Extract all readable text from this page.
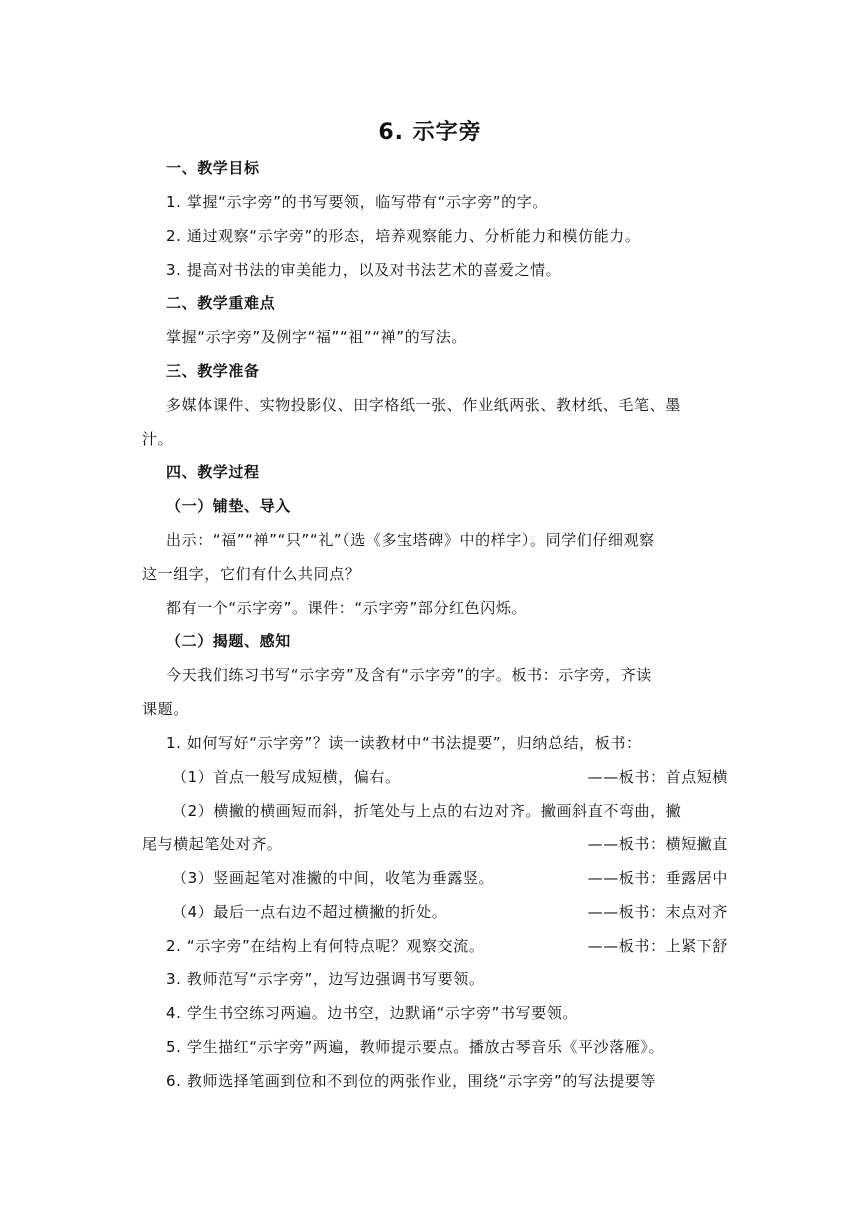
6. 示字旁
一、教学目标
1. 掌握“示字旁”的书写要领，临写带有“示字旁”的字。
2. 通过观察“示字旁”的形态，培养观察能力、分析能力和模仿能力。
3. 提高对书法的审美能力，以及对书法艺术的喜爱之情。
二、教学重难点
掌握“示字旁”及例字“福”“祖”“禅”的写法。
三、教学准备
多媒体课件、实物投影仪、田字格纸一张、作业纸两张、教材纸、毛笔、墨
汁。
四、教学过程
（一）铺垫、导入
出示：“福”“禅”“只”“礼”（选《多宝塔碑》中的样字）。同学们仔细观察
这一组字，它们有什么共同点？
都有一个“示字旁”。课件：“示字旁”部分红色闪烁。
（二）揭题、感知
今天我们练习书写“示字旁”及含有“示字旁”的字。板书：示字旁，齐读
课题。
1. 如何写好“示字旁”？读一读教材中“书法提要”，归纳总结，板书：
（1）首点一般写成短横，偏右。	——板书：首点短横
（2）横撇的横画短而斜，折笔处与上点的右边对齐。撇画斜直不弯曲，撇
尾与横起笔处对齐。	——板书：横短撇直
（3）竖画起笔对准撇的中间，收笔为垂露竖。	——板书：垂露居中
（4）最后一点右边不超过横撇的折处。	——板书：末点对齐
2. “示字旁”在结构上有何特点呢？观察交流。	——板书：上紧下舒
3. 教师范写“示字旁”，边写边强调书写要领。
4. 学生书空练习两遍。边书空，边默诵“示字旁”书写要领。
5. 学生描红“示字旁”两遍，教师提示要点。播放古琴音乐《平沙落雁》。
6. 教师选择笔画到位和不到位的两张作业，围绕“示字旁”的写法提要等
